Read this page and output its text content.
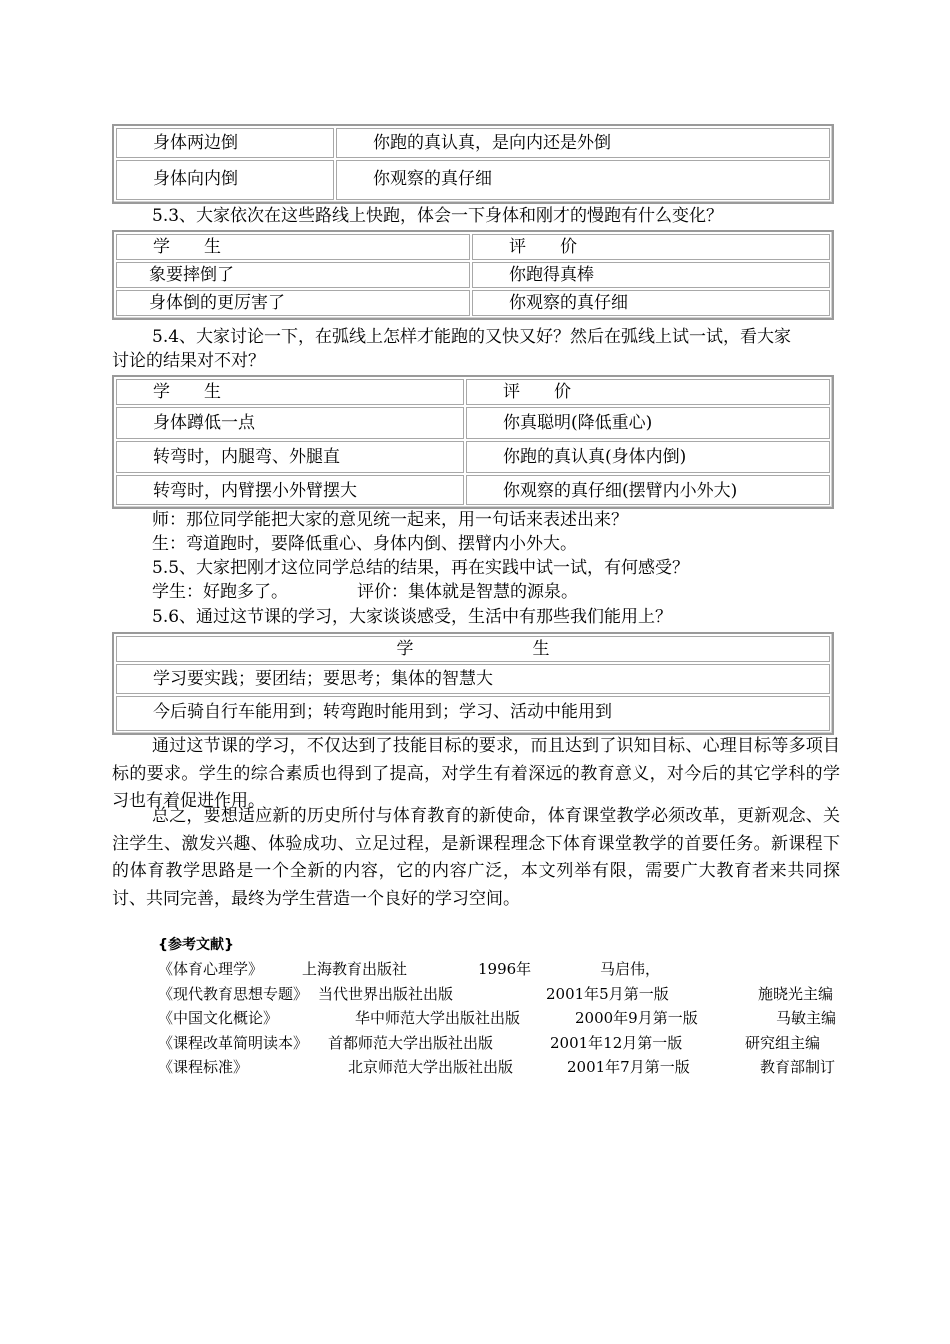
身体两边倒	你跑的真认真，是向内还是外倒
身体向内倒	你观察的真仔细
5.3、大家依次在这些路线上快跑，体会一下身体和刚才的慢跑有什么变化？
学　　生	评　　价
象要摔倒了	你跑得真棒
身体倒的更厉害了	你观察的真仔细
5.4、大家讨论一下，在弧线上怎样才能跑的又快又好？然后在弧线上试一试，看大家
讨论的结果对不对？
学　　生	评　　价
身体蹲低一点	你真聪明(降低重心)
转弯时，内腿弯、外腿直	你跑的真认真(身体内倒)
转弯时，内臂摆小外臂摆大	你观察的真仔细(摆臂内小外大)
师：那位同学能把大家的意见统一起来，用一句话来表述出来？
生：弯道跑时，要降低重心、身体内倒、摆臂内小外大。
5.5、大家把刚才这位同学总结的结果，再在实践中试一试，有何感受？
学生：好跑多了。	评价：集体就是智慧的源泉。
5.6、通过这节课的学习，大家谈谈感受，生活中有那些我们能用上？
学　　　　　　　生
学习要实践；要团结；要思考；集体的智慧大
今后骑自行车能用到；转弯跑时能用到；学习、活动中能用到
通过这节课的学习，不仅达到了技能目标的要求，而且达到了识知目标、心理目标等多项目标的要求。学生的综合素质也得到了提高，对学生有着深远的教育意义，对今后的其它学科的学习也有着促进作用。
总之，要想适应新的历史所付与体育教育的新使命，体育课堂教学必须改革，更新观念、关注学生、激发兴趣、体验成功、立足过程，是新课程理念下体育课堂教学的首要任务。新课程下的体育教学思路是一个全新的内容，它的内容广泛，本文列举有限，需要广大教育者来共同探讨、共同完善，最终为学生营造一个良好的学习空间。
{参考文献}
《体育心理学》	上海教育出版社	1996年	马启伟，
《现代教育思想专题》 当代世界出版社出版	2001年5月第一版	施晓光主编
《中国文化概论》	华中师范大学出版社出版	2000年9月第一版	马敏主编
《课程改革简明读本》 首都师范大学出版社出版	2001年12月第一版	研究组主编
《课程标准》	北京师范大学出版社出版	2001年7月第一版	教育部制订
